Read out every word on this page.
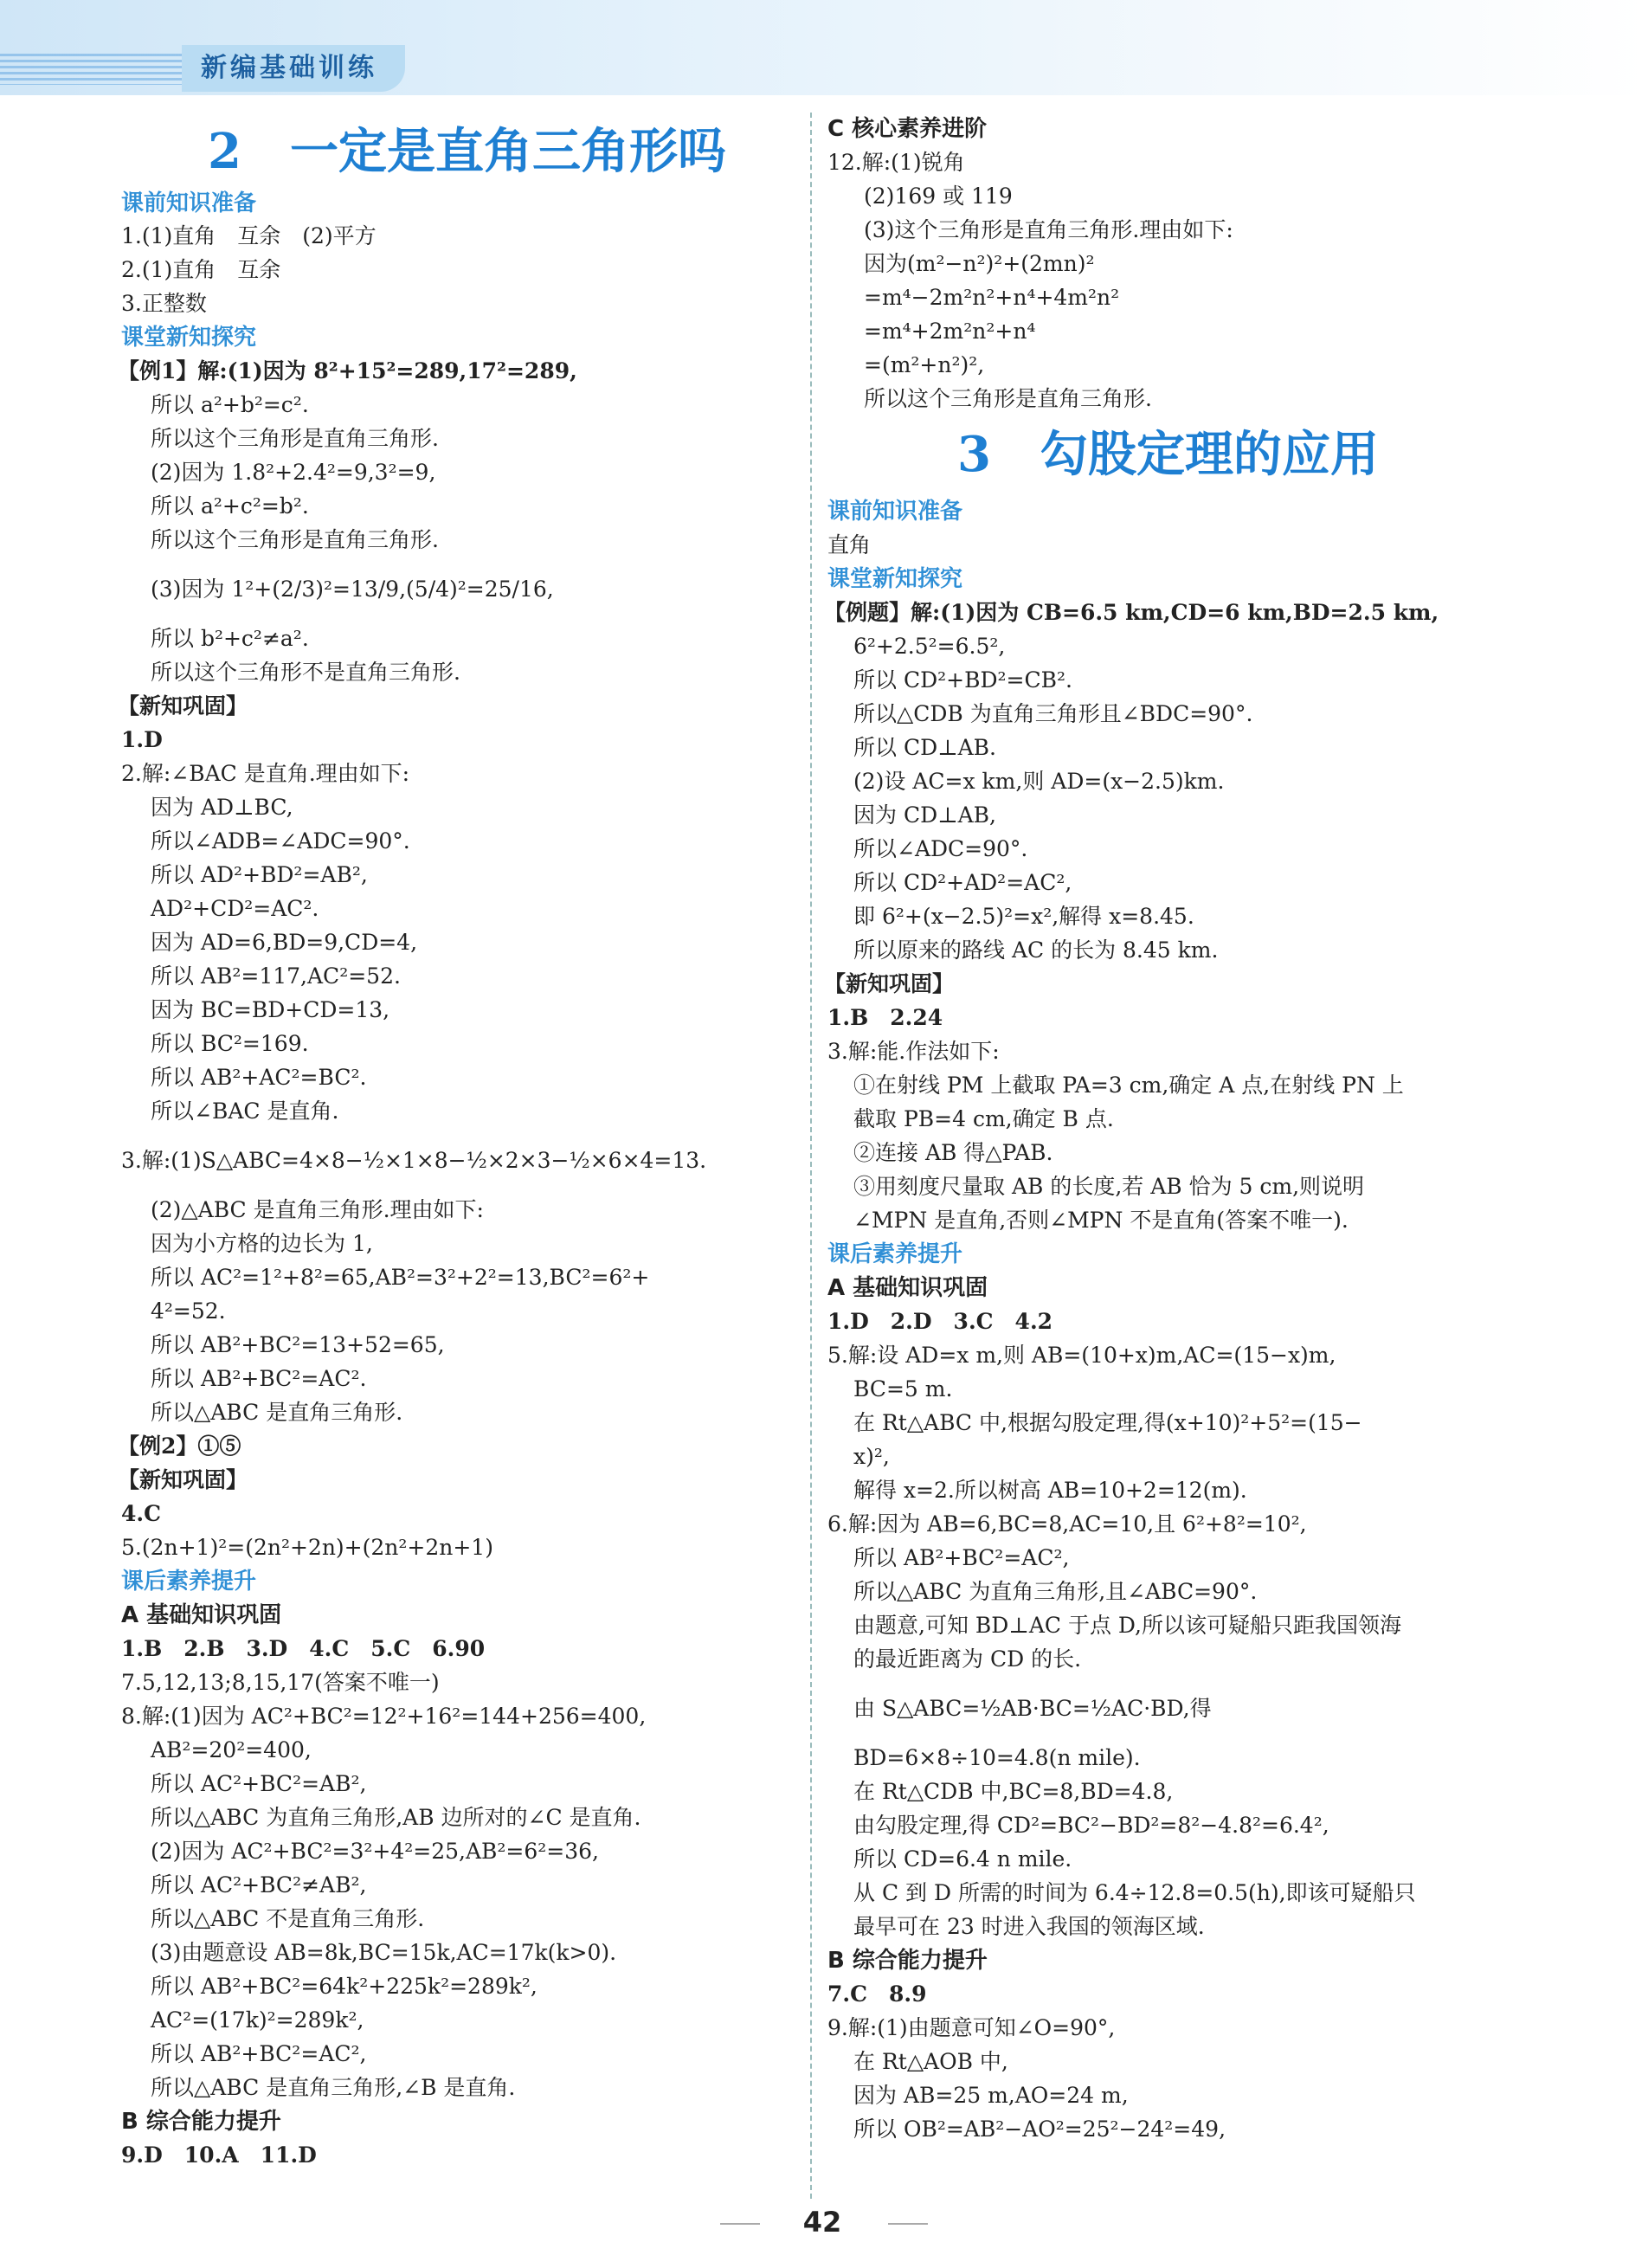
新编基础训练
2　一定是直角三角形吗
课前知识准备
1.(1)直角　互余　(2)平方
2.(1)直角　互余
3.正整数
课堂新知探究
【例1】解:(1)因为 8²+15²=289,17²=289,
所以 a²+b²=c².
所以这个三角形是直角三角形.
(2)因为 1.8²+2.4²=9,3²=9,
所以 a²+c²=b².
所以这个三角形是直角三角形.
(3)因为 1²+(2/3)²=13/9,(5/4)²=25/16,
所以 b²+c²≠a².
所以这个三角形不是直角三角形.
【新知巩固】
1.D
2.解:∠BAC 是直角.理由如下:
因为 AD⊥BC,
所以∠ADB=∠ADC=90°.
所以 AD²+BD²=AB²,
AD²+CD²=AC².
因为 AD=6,BD=9,CD=4,
所以 AB²=117,AC²=52.
因为 BC=BD+CD=13,
所以 BC²=169.
所以 AB²+AC²=BC².
所以∠BAC 是直角.
3.解:(1)S△ABC=4×8−½×1×8−½×2×3−½×6×4=13.
(2)△ABC 是直角三角形.理由如下:
因为小方格的边长为 1,
所以 AC²=1²+8²=65,AB²=3²+2²=13,BC²=6²+
4²=52.
所以 AB²+BC²=13+52=65,
所以 AB²+BC²=AC².
所以△ABC 是直角三角形.
【例2】①⑤
【新知巩固】
4.C
5.(2n+1)²=(2n²+2n)+(2n²+2n+1)
课后素养提升
A 基础知识巩固
1.B　2.B　3.D　4.C　5.C　6.90
7.5,12,13;8,15,17(答案不唯一)
8.解:(1)因为 AC²+BC²=12²+16²=144+256=400,
AB²=20²=400,
所以 AC²+BC²=AB²,
所以△ABC 为直角三角形,AB 边所对的∠C 是直角.
(2)因为 AC²+BC²=3²+4²=25,AB²=6²=36,
所以 AC²+BC²≠AB²,
所以△ABC 不是直角三角形.
(3)由题意设 AB=8k,BC=15k,AC=17k(k>0).
所以 AB²+BC²=64k²+225k²=289k²,
AC²=(17k)²=289k²,
所以 AB²+BC²=AC²,
所以△ABC 是直角三角形,∠B 是直角.
B 综合能力提升
9.D　10.A　11.D
C 核心素养进阶
12.解:(1)锐角
(2)169 或 119
(3)这个三角形是直角三角形.理由如下:
因为(m²−n²)²+(2mn)²
=m⁴−2m²n²+n⁴+4m²n²
=m⁴+2m²n²+n⁴
=(m²+n²)²,
所以这个三角形是直角三角形.
3　勾股定理的应用
课前知识准备
直角
课堂新知探究
【例题】解:(1)因为 CB=6.5 km,CD=6 km,BD=2.5 km,
6²+2.5²=6.5²,
所以 CD²+BD²=CB².
所以△CDB 为直角三角形且∠BDC=90°.
所以 CD⊥AB.
(2)设 AC=x km,则 AD=(x−2.5)km.
因为 CD⊥AB,
所以∠ADC=90°.
所以 CD²+AD²=AC²,
即 6²+(x−2.5)²=x²,解得 x=8.45.
所以原来的路线 AC 的长为 8.45 km.
【新知巩固】
1.B　2.24
3.解:能.作法如下:
①在射线 PM 上截取 PA=3 cm,确定 A 点,在射线 PN 上
截取 PB=4 cm,确定 B 点.
②连接 AB 得△PAB.
③用刻度尺量取 AB 的长度,若 AB 恰为 5 cm,则说明
∠MPN 是直角,否则∠MPN 不是直角(答案不唯一).
课后素养提升
A 基础知识巩固
1.D　2.D　3.C　4.2
5.解:设 AD=x m,则 AB=(10+x)m,AC=(15−x)m,
BC=5 m.
在 Rt△ABC 中,根据勾股定理,得(x+10)²+5²=(15−
x)²,
解得 x=2.所以树高 AB=10+2=12(m).
6.解:因为 AB=6,BC=8,AC=10,且 6²+8²=10²,
所以 AB²+BC²=AC²,
所以△ABC 为直角三角形,且∠ABC=90°.
由题意,可知 BD⊥AC 于点 D,所以该可疑船只距我国领海
的最近距离为 CD 的长.
由 S△ABC=½AB·BC=½AC·BD,得
BD=6×8÷10=4.8(n mile).
在 Rt△CDB 中,BC=8,BD=4.8,
由勾股定理,得 CD²=BC²−BD²=8²−4.8²=6.4²,
所以 CD=6.4 n mile.
从 C 到 D 所需的时间为 6.4÷12.8=0.5(h),即该可疑船只
最早可在 23 时进入我国的领海区域.
B 综合能力提升
7.C　8.9
9.解:(1)由题意可知∠O=90°,
在 Rt△AOB 中,
因为 AB=25 m,AO=24 m,
所以 OB²=AB²−AO²=25²−24²=49,
42
